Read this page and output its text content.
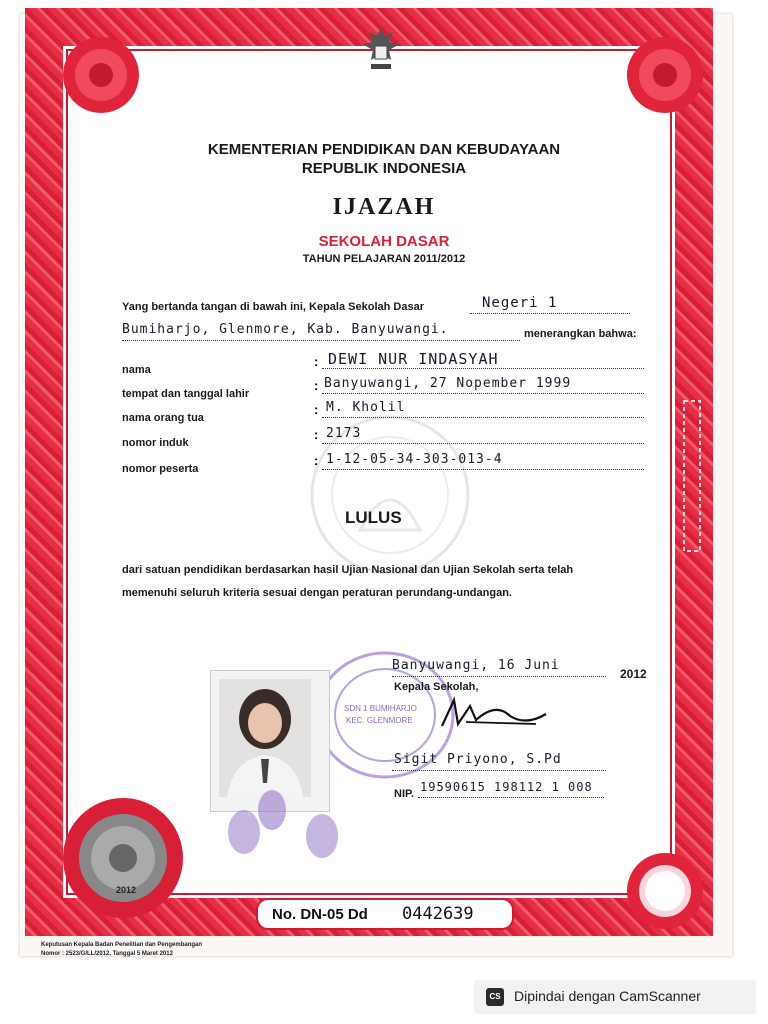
KEMENTERIAN PENDIDIKAN DAN KEBUDAYAAN
REPUBLIK INDONESIA
IJAZAH
SEKOLAH DASAR
TAHUN PELAJARAN 2011/2012
Yang bertanda tangan di bawah ini, Kepala Sekolah Dasar	Negeri 1
Bumiharjo, Glenmore, Kab. Banyuwangi.	menerangkan bahwa:
nama
: DEWI NUR INDASYAH
tempat dan tanggal lahir
: Banyuwangi, 27 Nopember 1999
nama orang tua
: M. Kholil
nomor induk
: 2173
nomor peserta
: 1-12-05-34-303-013-4
LULUS
dari satuan pendidikan berdasarkan hasil Ujian Nasional dan Ujian Sekolah serta telah
memenuhi seluruh kriteria sesuai dengan peraturan perundang-undangan.
SDN 1 BUMIHARJO
KEC. GLENMORE
Banyuwangi, 16 Juni
2012
Kepala Sekolah,
Sigit Priyono, S.Pd
NIP. 19590615 198112 1 008
2012
No. DN-05 Dd 0442639
Keputusan Kepala Badan Penelitian dan Pengembangan
Nomor : 2523/G/LL/2012, Tanggal 5 Maret 2012
CS Dipindai dengan CamScanner
